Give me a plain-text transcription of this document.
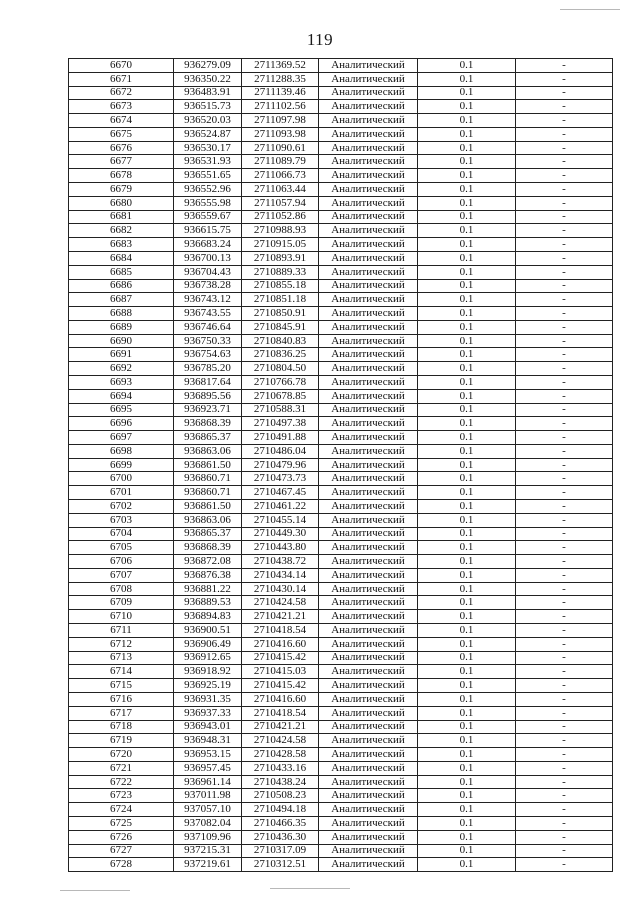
119
6670	936279.09	2711369.52	Аналитический	0.1	-
6671	936350.22	2711288.35	Аналитический	0.1	-
6672	936483.91	2711139.46	Аналитический	0.1	-
6673	936515.73	2711102.56	Аналитический	0.1	-
6674	936520.03	2711097.98	Аналитический	0.1	-
6675	936524.87	2711093.98	Аналитический	0.1	-
6676	936530.17	2711090.61	Аналитический	0.1	-
6677	936531.93	2711089.79	Аналитический	0.1	-
6678	936551.65	2711066.73	Аналитический	0.1	-
6679	936552.96	2711063.44	Аналитический	0.1	-
6680	936555.98	2711057.94	Аналитический	0.1	-
6681	936559.67	2711052.86	Аналитический	0.1	-
6682	936615.75	2710988.93	Аналитический	0.1	-
6683	936683.24	2710915.05	Аналитический	0.1	-
6684	936700.13	2710893.91	Аналитический	0.1	-
6685	936704.43	2710889.33	Аналитический	0.1	-
6686	936738.28	2710855.18	Аналитический	0.1	-
6687	936743.12	2710851.18	Аналитический	0.1	-
6688	936743.55	2710850.91	Аналитический	0.1	-
6689	936746.64	2710845.91	Аналитический	0.1	-
6690	936750.33	2710840.83	Аналитический	0.1	-
6691	936754.63	2710836.25	Аналитический	0.1	-
6692	936785.20	2710804.50	Аналитический	0.1	-
6693	936817.64	2710766.78	Аналитический	0.1	-
6694	936895.56	2710678.85	Аналитический	0.1	-
6695	936923.71	2710588.31	Аналитический	0.1	-
6696	936868.39	2710497.38	Аналитический	0.1	-
6697	936865.37	2710491.88	Аналитический	0.1	-
6698	936863.06	2710486.04	Аналитический	0.1	-
6699	936861.50	2710479.96	Аналитический	0.1	-
6700	936860.71	2710473.73	Аналитический	0.1	-
6701	936860.71	2710467.45	Аналитический	0.1	-
6702	936861.50	2710461.22	Аналитический	0.1	-
6703	936863.06	2710455.14	Аналитический	0.1	-
6704	936865.37	2710449.30	Аналитический	0.1	-
6705	936868.39	2710443.80	Аналитический	0.1	-
6706	936872.08	2710438.72	Аналитический	0.1	-
6707	936876.38	2710434.14	Аналитический	0.1	-
6708	936881.22	2710430.14	Аналитический	0.1	-
6709	936889.53	2710424.58	Аналитический	0.1	-
6710	936894.83	2710421.21	Аналитический	0.1	-
6711	936900.51	2710418.54	Аналитический	0.1	-
6712	936906.49	2710416.60	Аналитический	0.1	-
6713	936912.65	2710415.42	Аналитический	0.1	-
6714	936918.92	2710415.03	Аналитический	0.1	-
6715	936925.19	2710415.42	Аналитический	0.1	-
6716	936931.35	2710416.60	Аналитический	0.1	-
6717	936937.33	2710418.54	Аналитический	0.1	-
6718	936943.01	2710421.21	Аналитический	0.1	-
6719	936948.31	2710424.58	Аналитический	0.1	-
6720	936953.15	2710428.58	Аналитический	0.1	-
6721	936957.45	2710433.16	Аналитический	0.1	-
6722	936961.14	2710438.24	Аналитический	0.1	-
6723	937011.98	2710508.23	Аналитический	0.1	-
6724	937057.10	2710494.18	Аналитический	0.1	-
6725	937082.04	2710466.35	Аналитический	0.1	-
6726	937109.96	2710436.30	Аналитический	0.1	-
6727	937215.31	2710317.09	Аналитический	0.1	-
6728	937219.61	2710312.51	Аналитический	0.1	-
